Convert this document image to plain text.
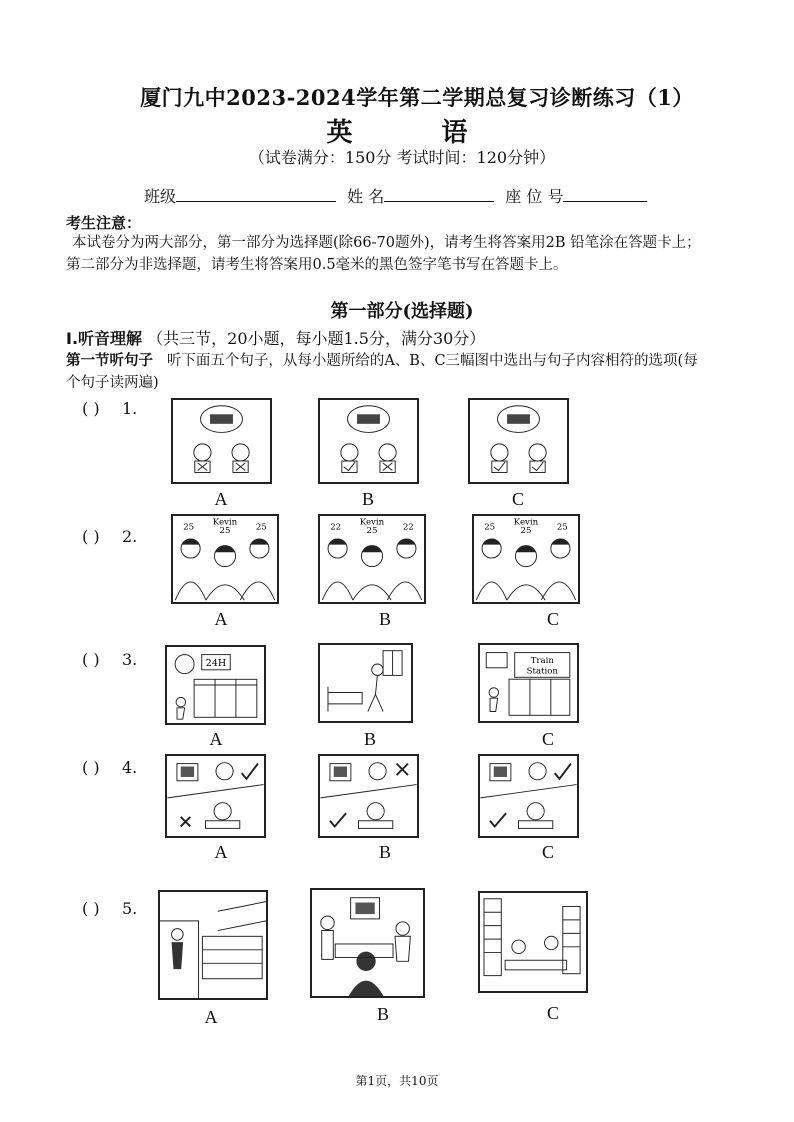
厦门九中2023-2024学年第二学期总复习诊断练习（1）
英 语
（试卷满分：150分 考试时间：120分钟）
班级	姓 名	座 位 号
考生注意：
本试卷分为两大部分，第一部分为选择题(除66-70题外)，请考生将答案用2B 铅笔涂在答题卡上；第二部分为非选择题，请考生将答案用0.5毫米的黑色签字笔书写在答题卡上。
第一部分(选择题)
I.听音理解 （共三节，20小题，每小题1.5分，满分30分）
第一节听句子 听下面五个句子，从每小题所给的A、B、C三幅图中选出与句子内容相符的选项(每个句子读两遍)
( ) 1.
A	B	C
( ) 2.
Kevin
25	25	25	Kevin
22	25	22	Kevin
25	25	25
A	B	C
( ) 3.	24H	Train
Station
A	B	C
( ) 4.
A	B	C
( ) 5.
A	B	C
第1页，共10页
